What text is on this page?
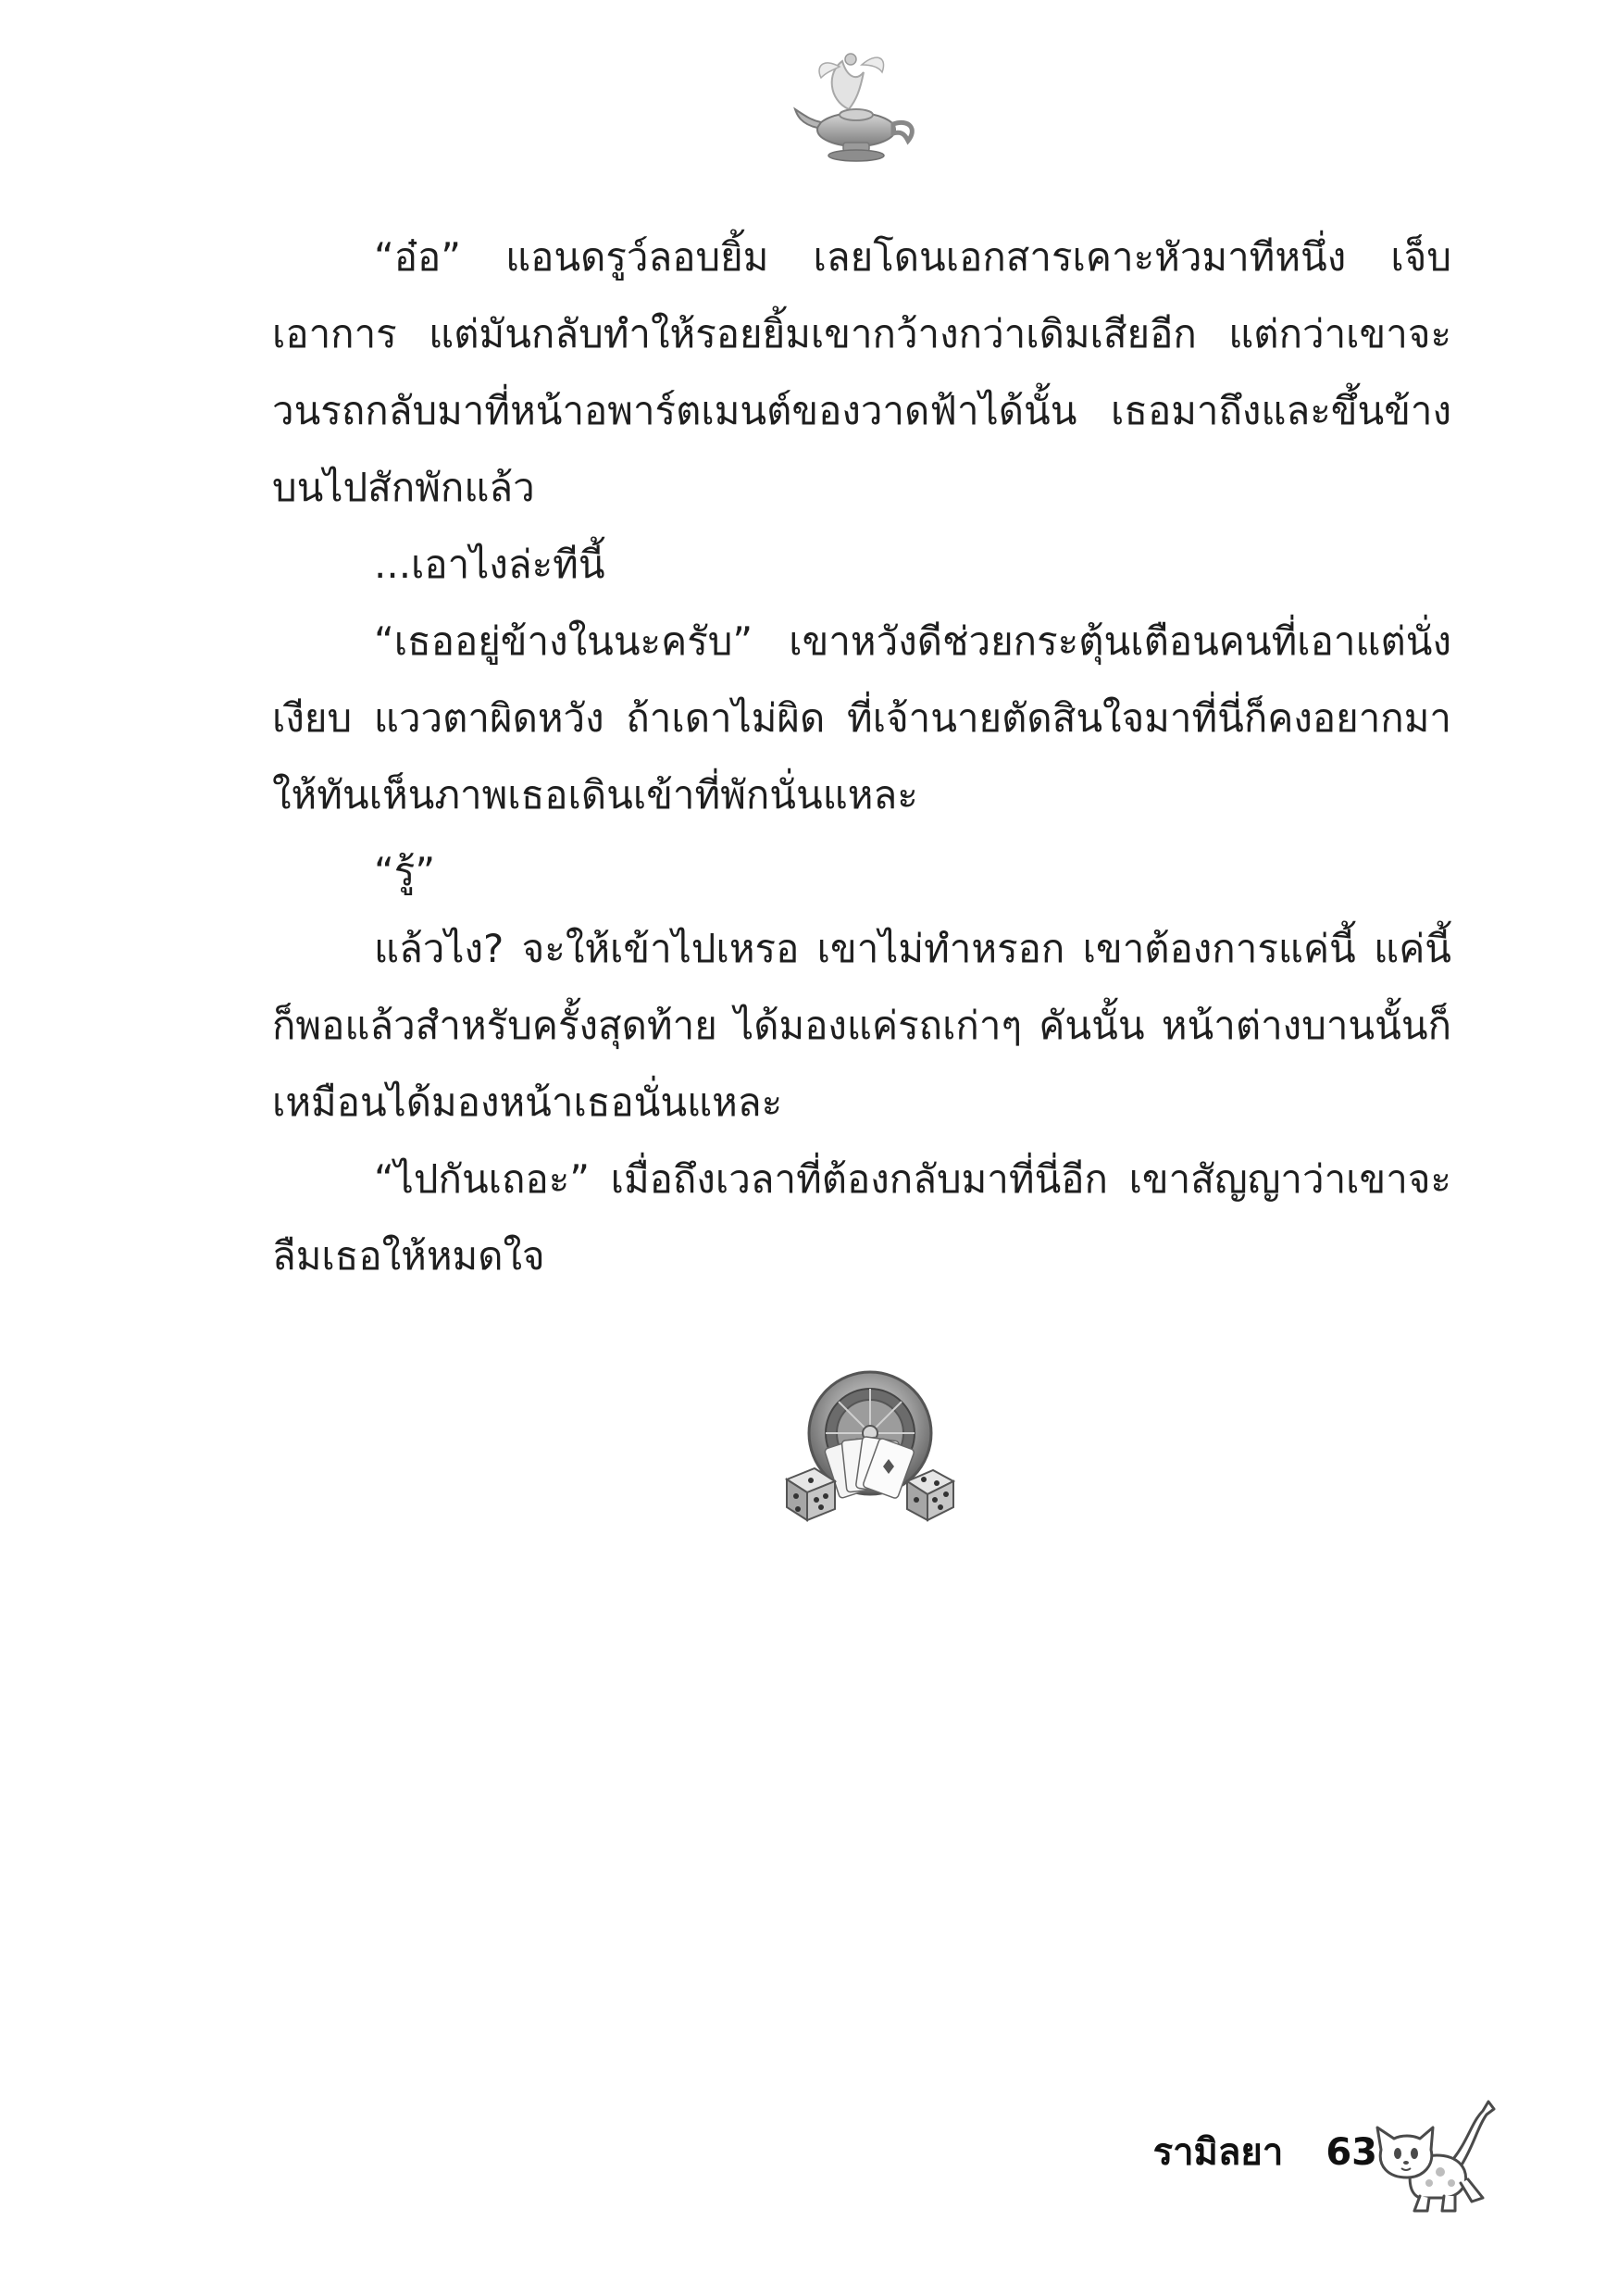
“อ๋อ” แอนดรูว์ลอบยิ้ม เลยโดนเอกสารเคาะหัวมาทีหนึ่ง เจ็บเอาการ แต่มันกลับทำให้รอยยิ้มเขากว้างกว่าเดิมเสียอีก แต่กว่าเขาจะวนรถกลับมาที่หน้าอพาร์ตเมนต์ของวาดฟ้าได้นั้น เธอมาถึงและขึ้นข้างบนไปสักพักแล้ว

...เอาไงล่ะทีนี้

“เธออยู่ข้างในนะครับ” เขาหวังดีช่วยกระตุ้นเตือนคนที่เอาแต่นั่งเงียบ แววตาผิดหวัง ถ้าเดาไม่ผิด ที่เจ้านายตัดสินใจมาที่นี่ก็คงอยากมาให้ทันเห็นภาพเธอเดินเข้าที่พักนั่นแหละ

“รู้”

แล้วไง? จะให้เข้าไปเหรอ เขาไม่ทำหรอก เขาต้องการแค่นี้ แค่นี้ก็พอแล้วสำหรับครั้งสุดท้าย ได้มองแค่รถเก่าๆ คันนั้น หน้าต่างบานนั้นก็เหมือนได้มองหน้าเธอนั่นแหละ

“ไปกันเถอะ” เมื่อถึงเวลาที่ต้องกลับมาที่นี่อีก เขาสัญญาว่าเขาจะลืมเธอให้หมดใจ

รามิลยา 63
